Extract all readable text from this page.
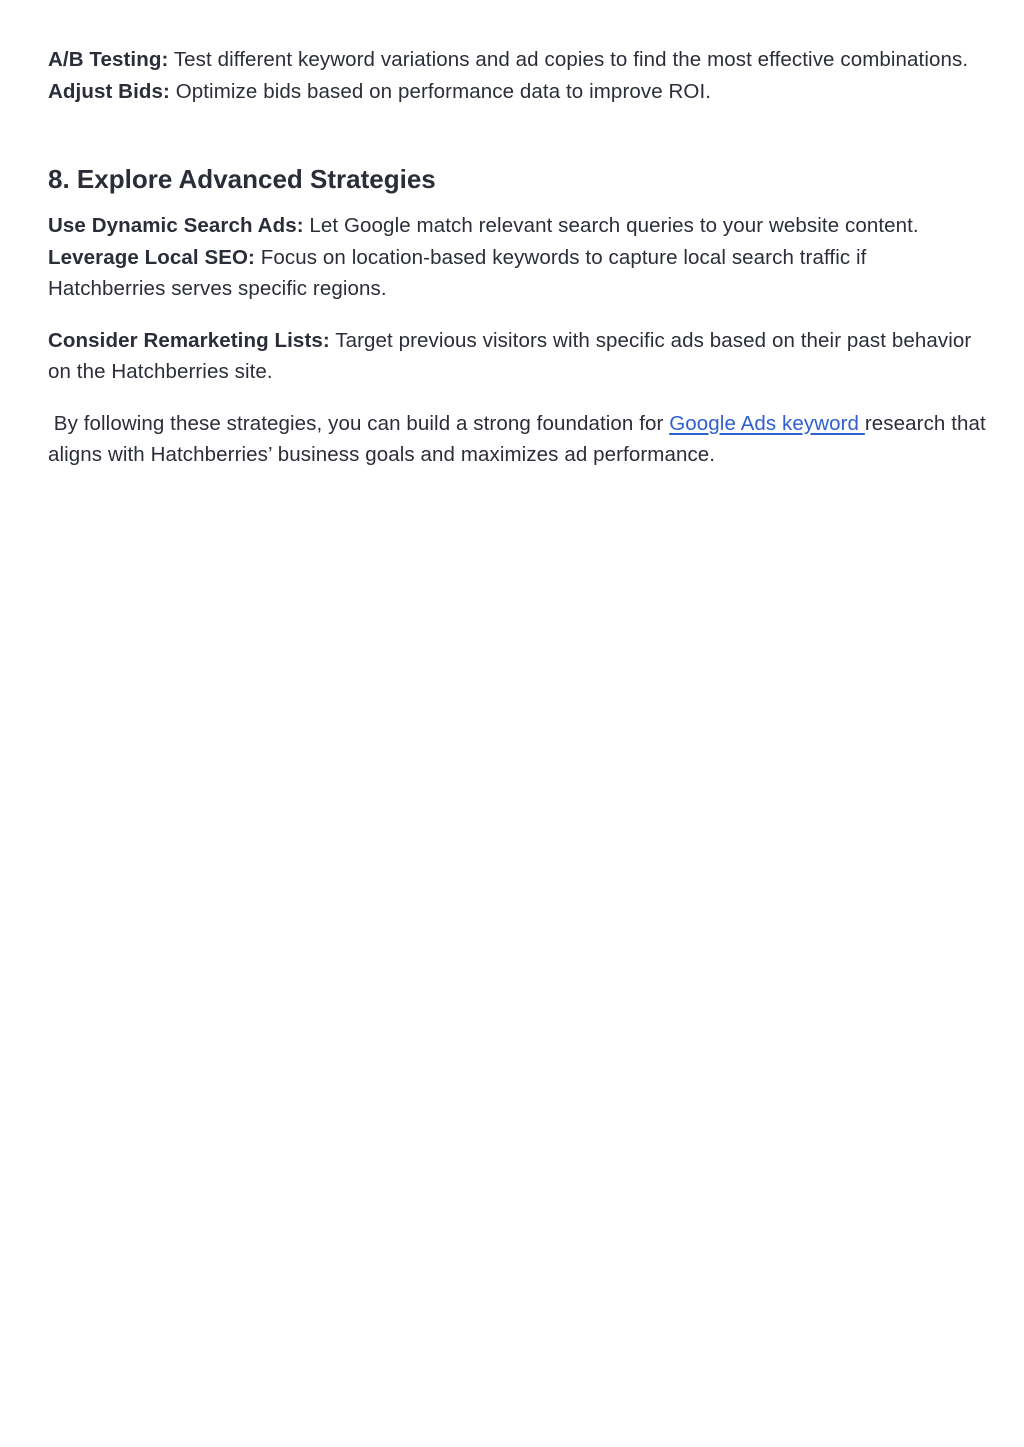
A/B Testing: Test different keyword variations and ad copies to find the most effective combinations.

Adjust Bids: Optimize bids based on performance data to improve ROI.

8. Explore Advanced Strategies

Use Dynamic Search Ads: Let Google match relevant search queries to your website content.

Leverage Local SEO: Focus on location-based keywords to capture local search traffic if Hatchberries serves specific regions.

Consider Remarketing Lists: Target previous visitors with specific ads based on their past behavior on the Hatchberries site.

By following these strategies, you can build a strong foundation for Google Ads keyword research that aligns with Hatchberries’ business goals and maximizes ad performance.
